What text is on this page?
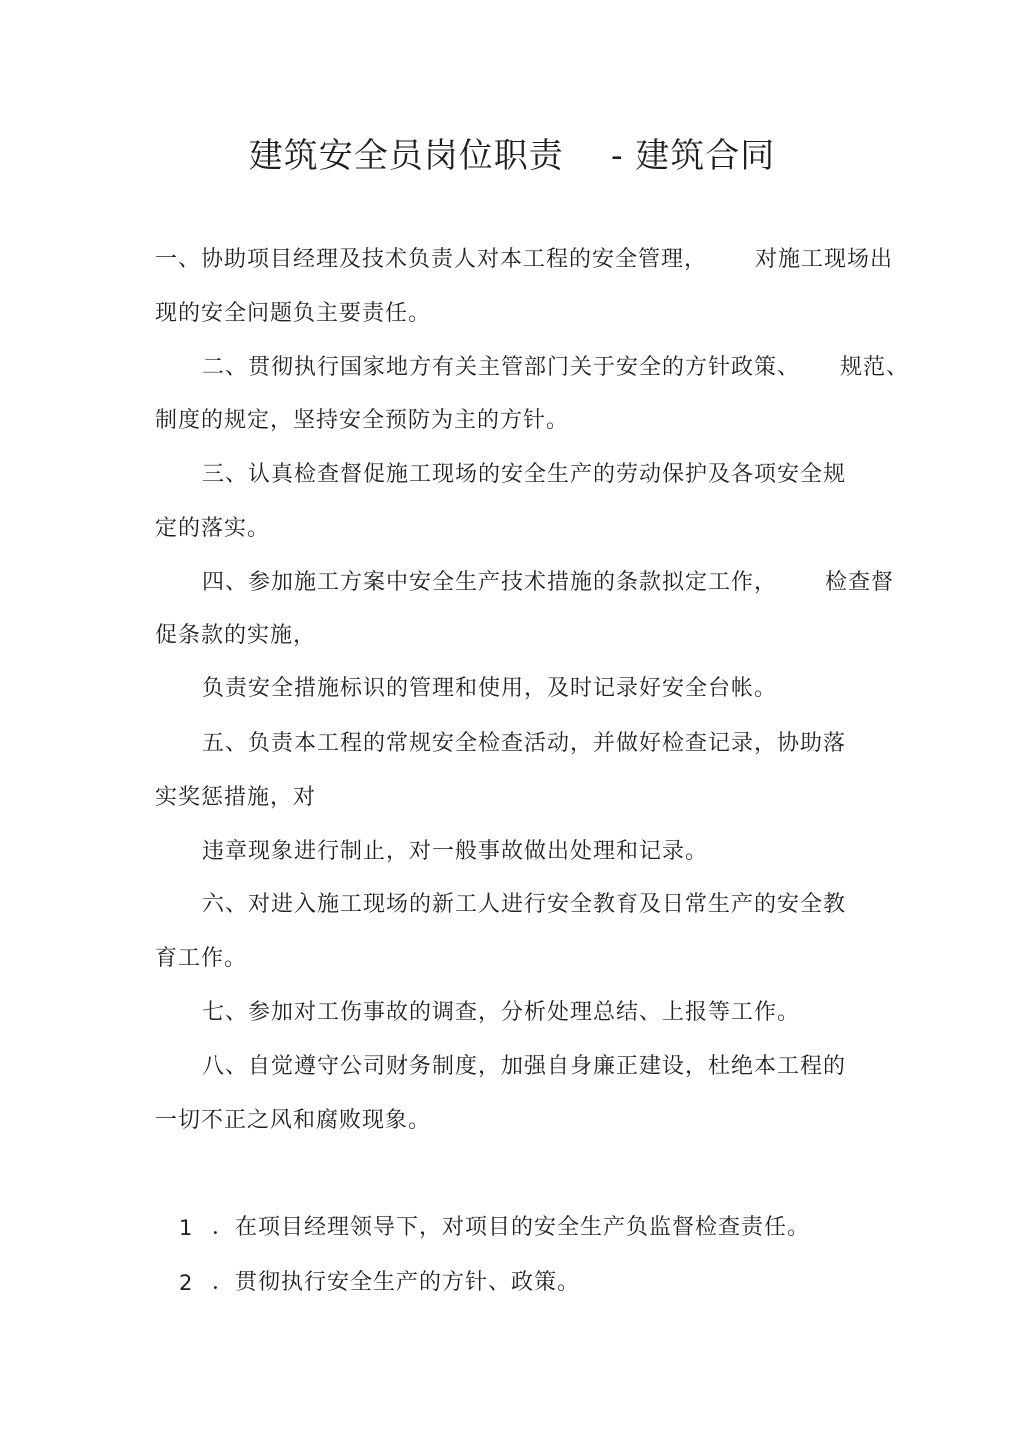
建筑安全员岗位职责    - 建筑合同
一、协助项目经理及技术负责人对本工程的安全管理，      对施工现场出
现的安全问题负主要责任。
二、贯彻执行国家地方有关主管部门关于安全的方针政策、     规范、
制度的规定，坚持安全预防为主的方针。
三、认真检查督促施工现场的安全生产的劳动保护及各项安全规
定的落实。
四、参加施工方案中安全生产技术措施的条款拟定工作，      检查督
促条款的实施，
负责安全措施标识的管理和使用，及时记录好安全台帐。
五、负责本工程的常规安全检查活动，并做好检查记录，协助落
实奖惩措施，对
违章现象进行制止，对一般事故做出处理和记录。
六、对进入施工现场的新工人进行安全教育及日常生产的安全教
育工作。
七、参加对工伤事故的调查，分析处理总结、上报等工作。
八、自觉遵守公司财务制度，加强自身廉正建设，杜绝本工程的
一切不正之风和腐败现象。
1 ．在项目经理领导下，对项目的安全生产负监督检查责任。
2 ．贯彻执行安全生产的方针、政策。
